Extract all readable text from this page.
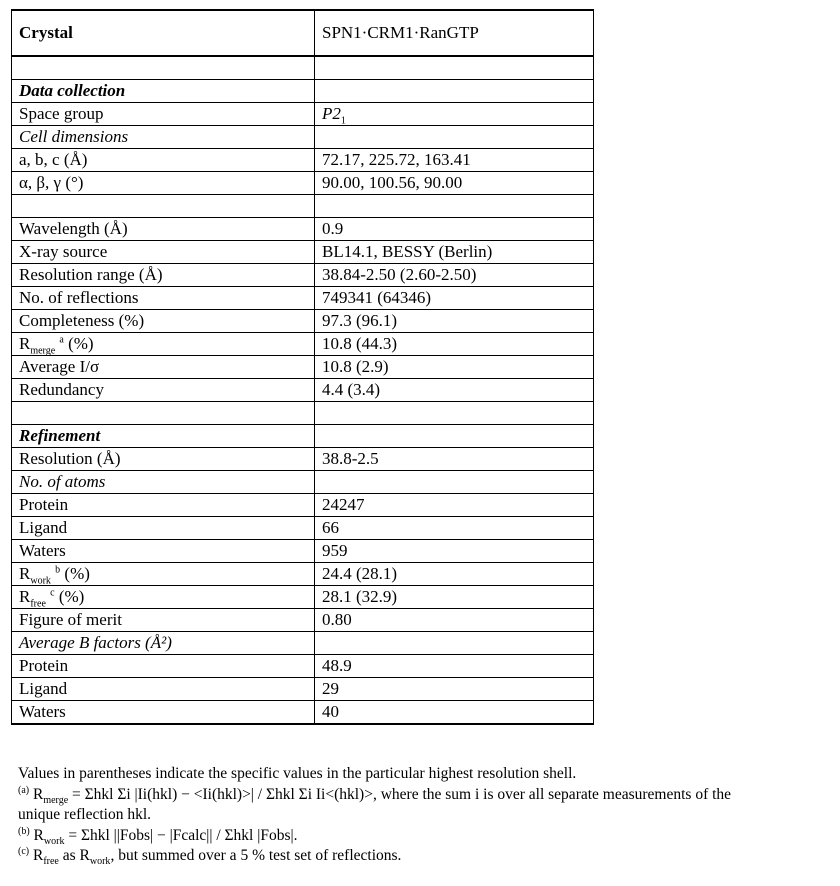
Crystal	SPN1·CRM1·RanGTP

Data collection	
Space group	$P2_1$
Cell dimensions	
a, b, c (Å)	72.17, 225.72, 163.41
α, β, γ (°)	90.00, 100.56, 90.00

Wavelength (Å)	0.9
X-ray source	BL14.1, BESSY (Berlin)
Resolution range (Å)	38.84-2.50 (2.60-2.50)
No. of reflections	749341 (64346)
Completeness (%)	97.3 (96.1)
$R_{merge}$ $^a$ (%)	10.8 (44.3)
Average I/σ	10.8 (2.9)
Redundancy	4.4 (3.4)

Refinement	
Resolution (Å)	38.8-2.5
No. of atoms	
Protein	24247
Ligand	66
Waters	959
$R_{work}$ $^b$ (%)	24.4 (28.1)
$R_{free}$ $^c$ (%)	28.1 (32.9)
Figure of merit	0.80
Average B factors (Å²)	
Protein	48.9
Ligand	29
Waters	40

Values in parentheses indicate the specific values in the particular highest resolution shell.

$^{(a)}$ $R_{merge} = \Sigma hkl$ Σi |Ii(hkl) − <Ii(hkl)>| / Σhkl Σi Ii<(hkl)>, where the sum i is over all separate measurements of the

unique reflection hkl.

$^{(b)}$ $R_{work} = \Sigma hkl$ ||Fobs| − |Fcalc|| / Σhkl |Fobs|.

$^{(c)}$ $R_{free}$ as $R_{work}$, but summed over a 5 % test set of reflections.
